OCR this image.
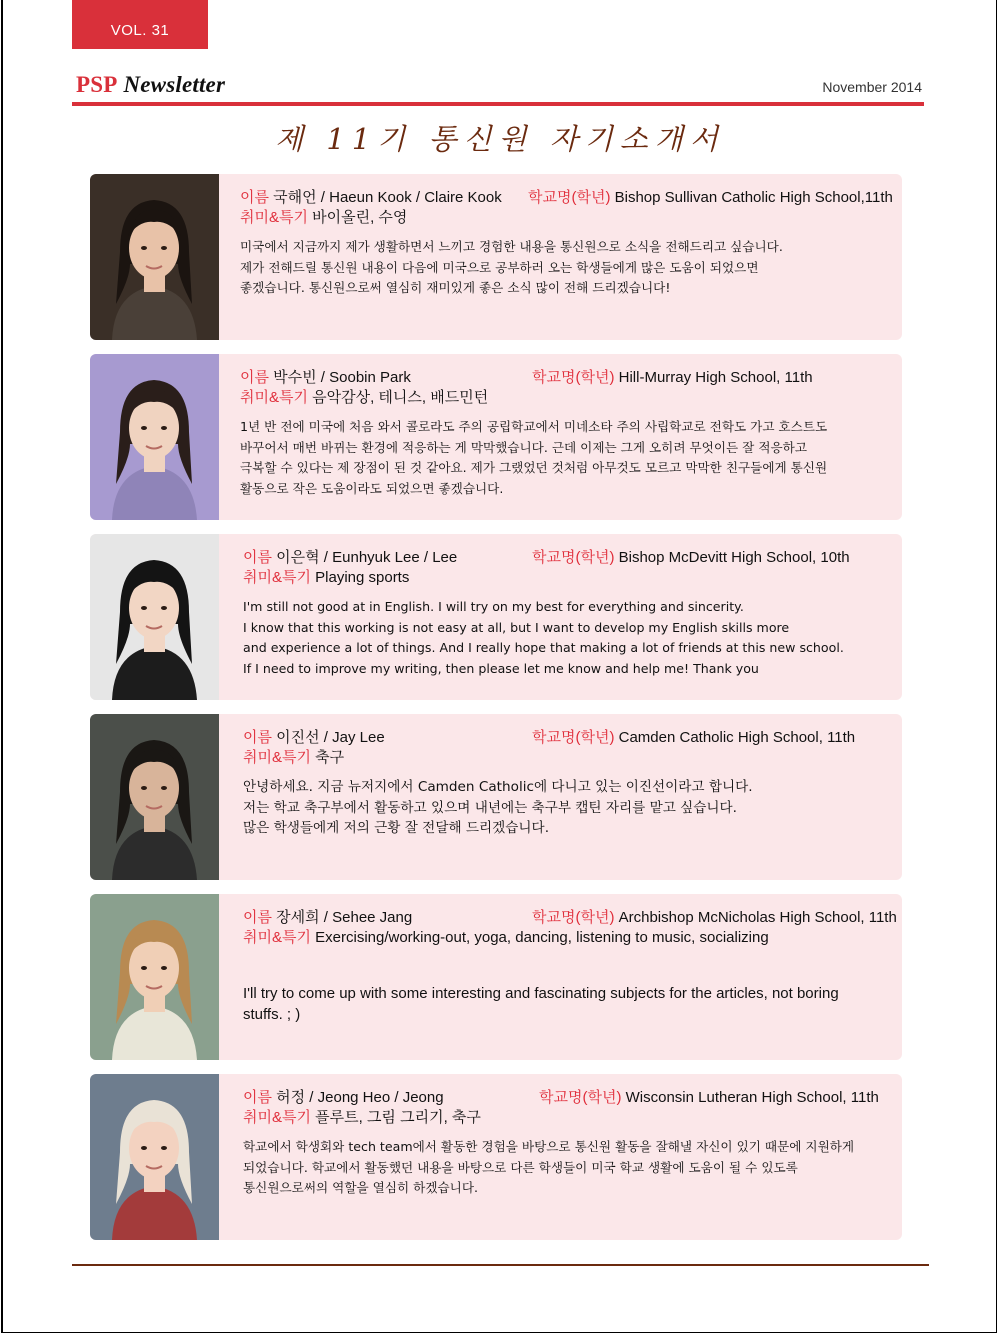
VOL. 31
PSP Newsletter	November 2014
제 11기 통신원 자기소개서
이름 국해언 / Haeun Kook / Claire Kook 학교명(학년) Bishop Sullivan Catholic High School,11th
취미&특기 바이올린, 수영
미국에서 지금까지 제가 생활하면서 느끼고 경험한 내용을 통신원으로 소식을 전해드리고 싶습니다.
제가 전해드릴 통신원 내용이 다음에 미국으로 공부하러 오는 학생들에게 많은 도움이 되었으면
좋겠습니다. 통신원으로써 열심히 재미있게 좋은 소식 많이 전해 드리겠습니다!
이름 박수빈 / Soobin Park	학교명(학년) Hill-Murray High School, 11th
취미&특기 음악감상, 테니스, 배드민턴
1년 반 전에 미국에 처음 와서 콜로라도 주의 공립학교에서 미네소타 주의 사립학교로 전학도 가고 호스트도
바꾸어서 매번 바뀌는 환경에 적응하는 게 막막했습니다. 근데 이제는 그게 오히려 무엇이든 잘 적응하고
극복할 수 있다는 제 장점이 된 것 같아요. 제가 그랬었던 것처럼 아무것도 모르고 막막한 친구들에게 통신원
활동으로 작은 도움이라도 되었으면 좋겠습니다.
이름 이은혁 / Eunhyuk Lee / Lee	학교명(학년) Bishop McDevitt High School, 10th
취미&특기 Playing sports
I'm still not good at in English. I will try on my best for everything and sincerity.
I know that this working is not easy at all, but I want to develop my English skills more
and experience a lot of things. And I really hope that making a lot of friends at this new school.
If I need to improve my writing, then please let me know and help me! Thank you
이름 이진선 / Jay Lee	학교명(학년) Camden Catholic High School, 11th
취미&특기 축구
안녕하세요. 지금 뉴저지에서 Camden Catholic에 다니고 있는 이진선이라고 합니다.
저는 학교 축구부에서 활동하고 있으며 내년에는 축구부 캡틴 자리를 맡고 싶습니다.
많은 학생들에게 저의 근황 잘 전달해 드리겠습니다.
이름 장세희 / Sehee Jang	학교명(학년) Archbishop McNicholas High School, 11th
취미&특기 Exercising/working-out, yoga, dancing, listening to music, socializing
I'll try to come up with some interesting and fascinating subjects for the articles, not boring
stuffs. ; )
이름 허정 / Jeong Heo / Jeong	학교명(학년) Wisconsin Lutheran High School, 11th
취미&특기 플루트, 그림 그리기, 축구
학교에서 학생회와 tech team에서 활동한 경험을 바탕으로 통신원 활동을 잘해낼 자신이 있기 때문에 지원하게
되었습니다. 학교에서 활동했던 내용을 바탕으로 다른 학생들이 미국 학교 생활에 도움이 될 수 있도록
통신원으로써의 역할을 열심히 하겠습니다.
